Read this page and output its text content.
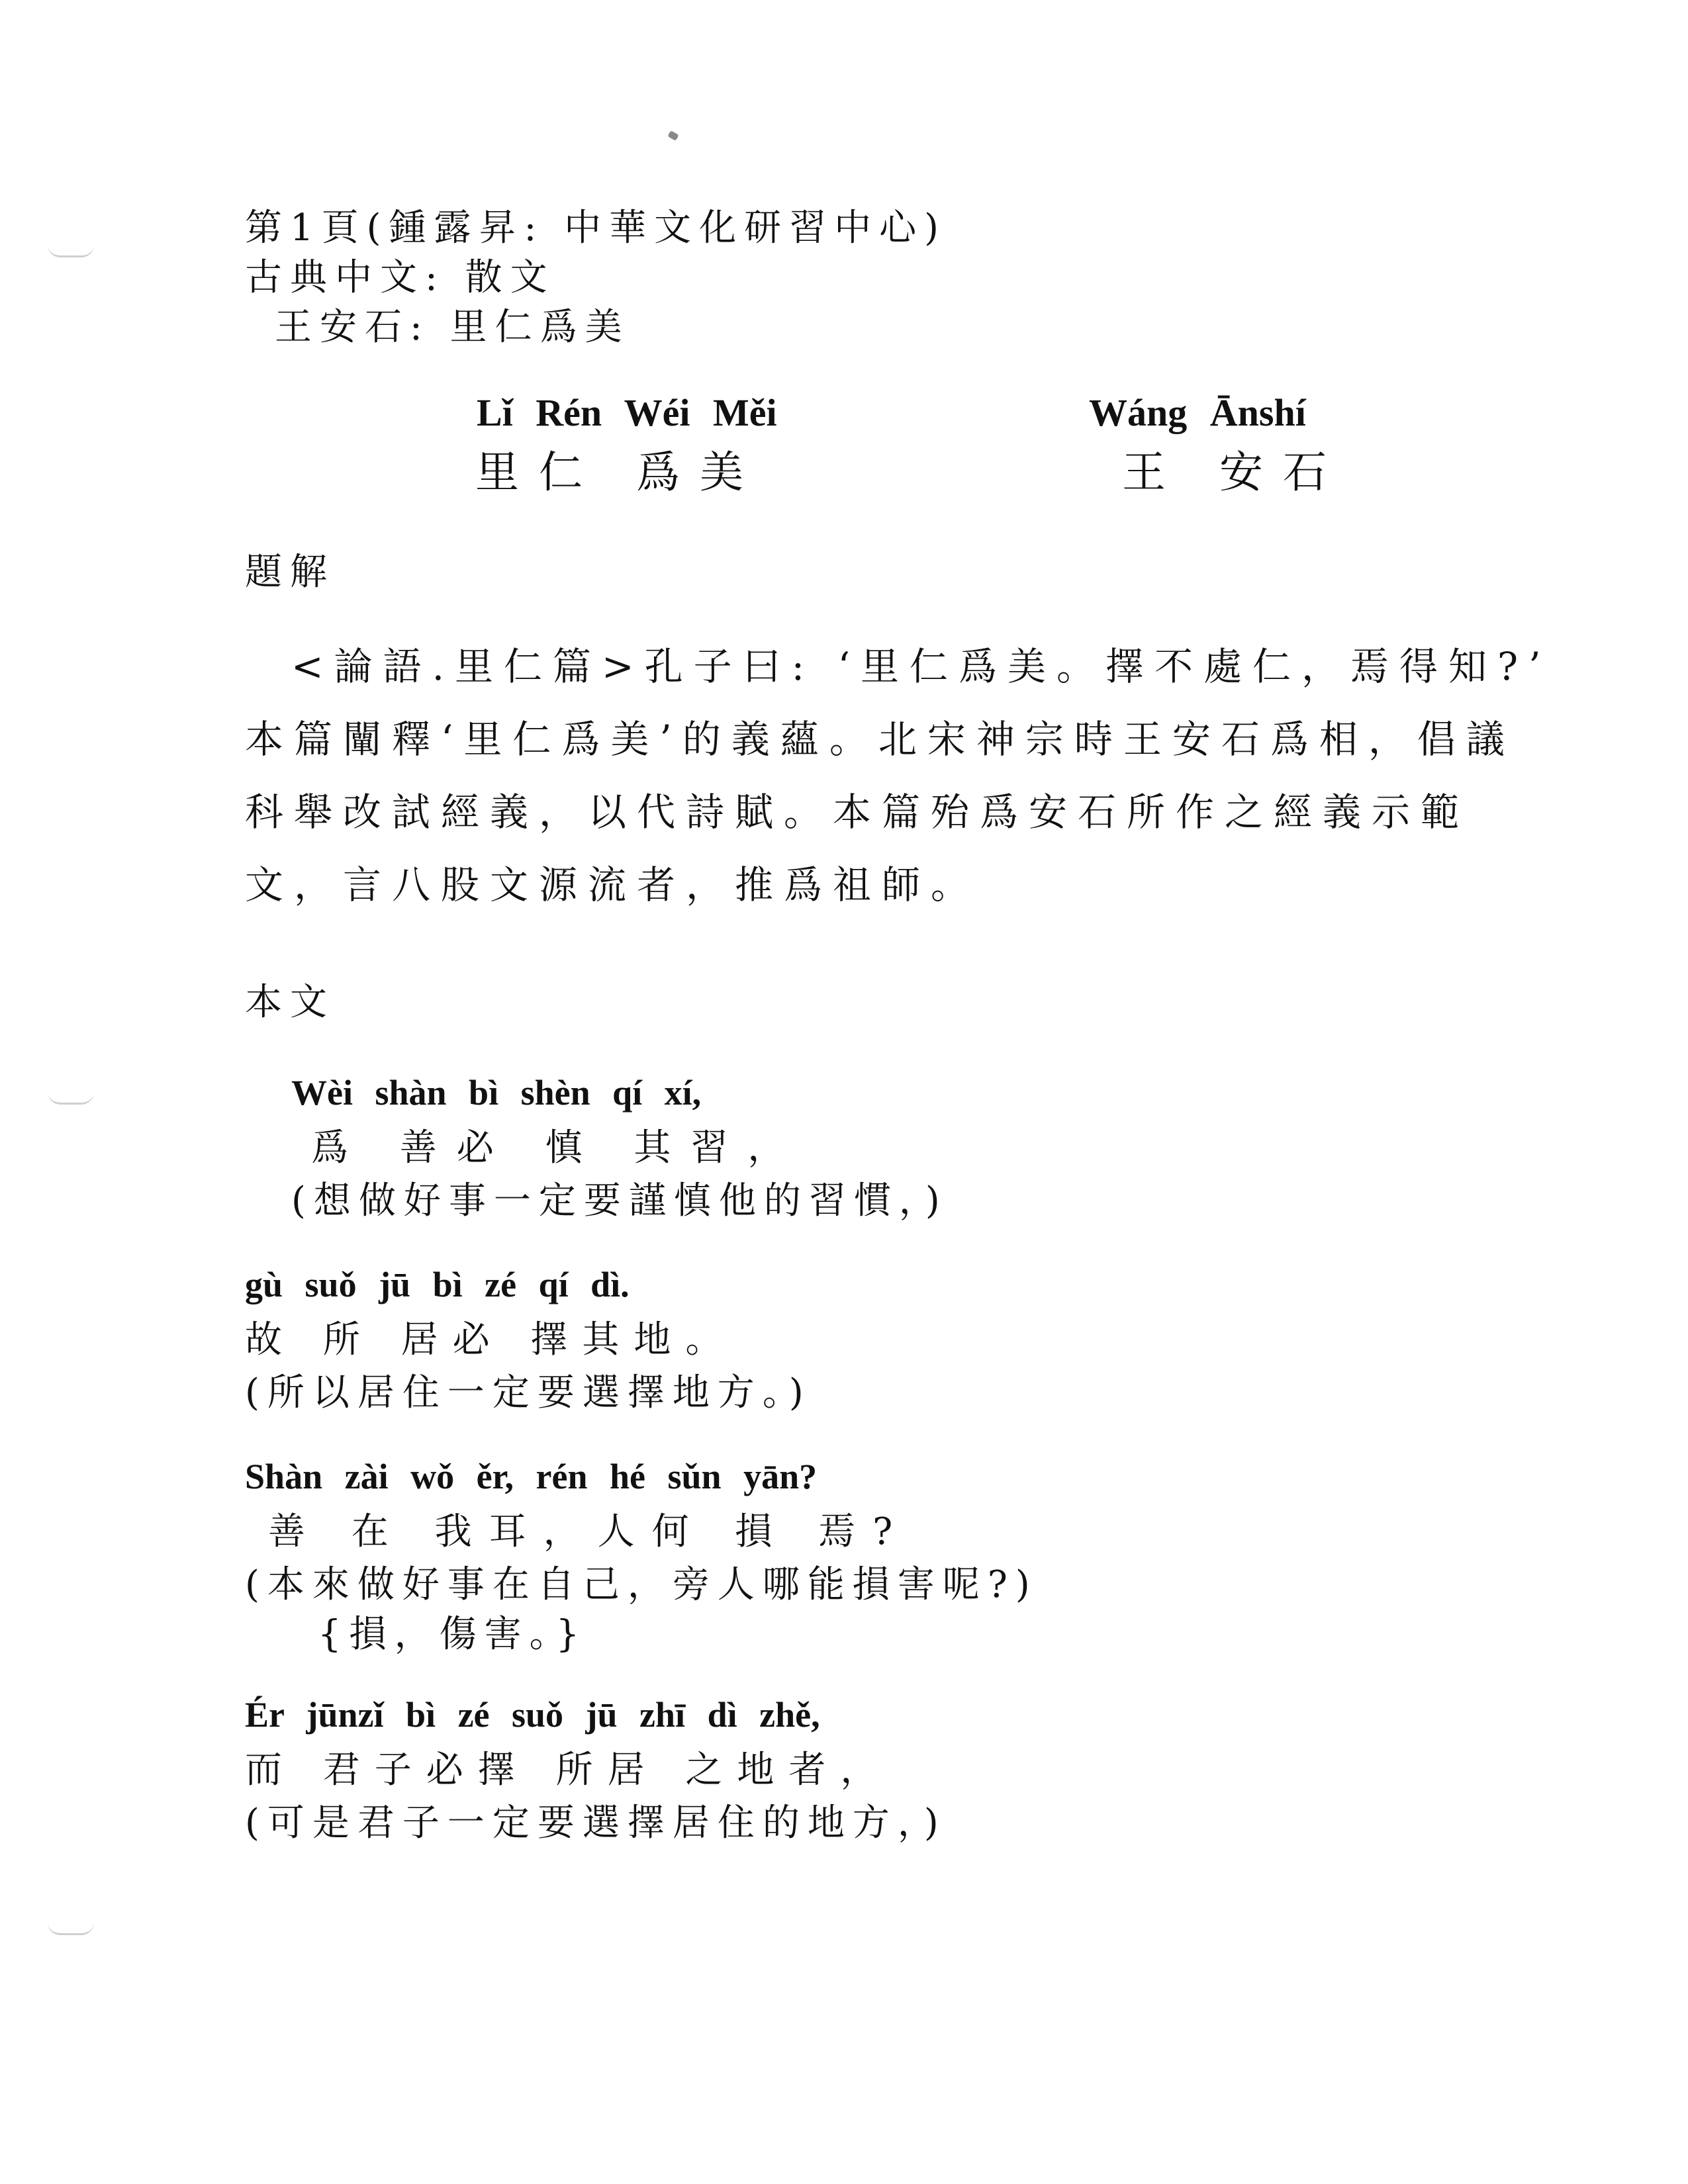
第1頁(鍾露昇: 中華文化研習中心)
古典中文: 散文
王安石: 里仁爲美
Lǐ Rén Wéi Měi
里仁 爲美
Wáng Ānshí
王 安石
題解
<論語.里仁篇>孔子曰: ‘里仁爲美。擇不處仁，焉得知?’
本篇闡釋‘里仁爲美’的義蘊。北宋神宗時王安石爲相，倡議
科舉改試經義，以代詩賦。本篇殆爲安石所作之經義示範
文，言八股文源流者，推爲祖師。
本文
Wèi shàn bì shèn qí xí,
爲 善必 慎 其習，
(想做好事一定要謹慎他的習慣，)
gù suǒ jū bì zé qí dì.
故 所 居必 擇其地。
(所以居住一定要選擇地方。)
Shàn zài wǒ ěr, rén hé sǔn yān?
善 在 我耳，人何 損 焉?
(本來做好事在自己，旁人哪能損害呢?)
{損，傷害。}
Ér jūnzǐ bì zé suǒ jū zhī dì zhě,
而 君子必擇 所居 之地者，
(可是君子一定要選擇居住的地方，)
